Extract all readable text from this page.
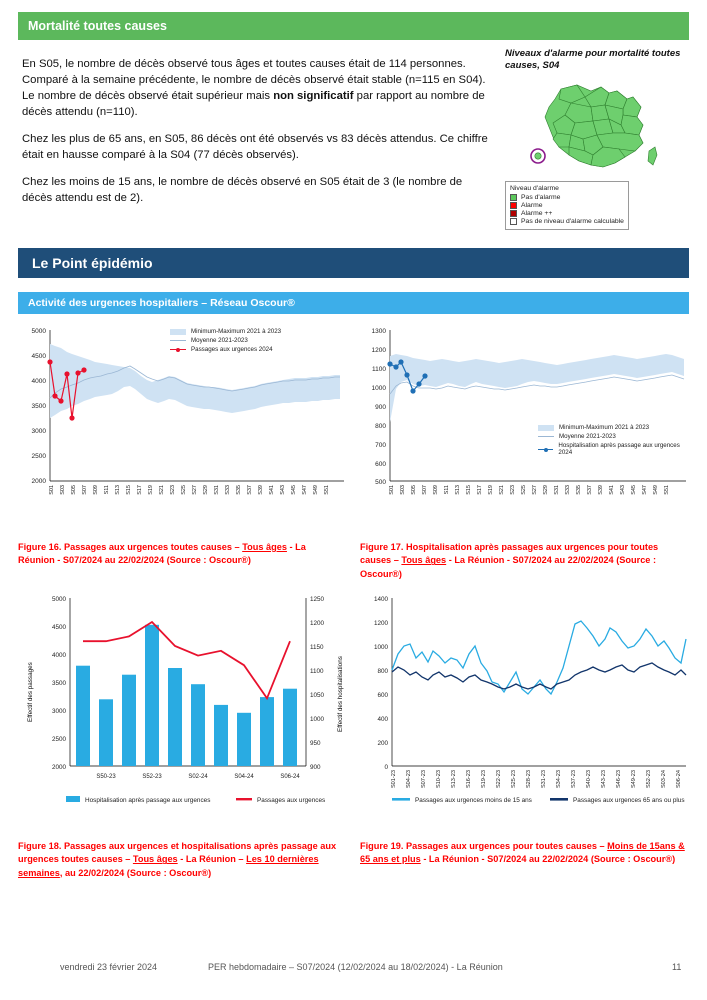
Mortalité toutes causes

En S05, le nombre de décès observé tous âges et toutes causes était de 114 personnes. Comparé à la semaine précédente, le nombre de décès observé était stable (n=115 en S04). Le nombre de décès observé était supérieur mais non significatif par rapport au nombre de décès attendu (n=110).

Chez les plus de 65 ans, en S05, 86 décès ont été observés vs 83 décès attendus. Ce chiffre était en hausse comparé à la S04 (77 décès observés).

Chez les moins de 15 ans, le nombre de décès observé en S05 était de 3 (le nombre de décès attendu est de 2).

Niveaux d'alarme pour mortalité toutes causes, S04
Niveau d'alarme
Pas d'alarme
Alarme
Alarme ++
Pas de niveau d'alarme calculable
Le Point épidémio
Activité des urgences hospitaliers – Réseau Oscour®
5000
4500
4000
3500
3000
2500
2000
S01 S03 S05 S07 S09 S11 S13 S15 S17 S19 S21 S23 S25 S27 S29 S31 S33 S35 S37 S39 S41 S43 S45 S47 S49 S51
Minimum-Maximum 2021 à 2023
Moyenne 2021-2023
Passages aux urgences 2024
1300
1200
1100
1000
900
800
700
600
500
S01 S03 S05 S07 S09 S11 S13 S15 S17 S19 S21 S23 S25 S27 S29 S31 S33 S35 S37 S39 S41 S43 S45 S47 S49 S51
Minimum-Maximum 2021 à 2023
Moyenne 2021-2023
Hospitalisation après passage aux urgences 2024
Figure 16. Passages aux urgences toutes causes – Tous âges - La Réunion - S07/2024 au 22/02/2024 (Source : Oscour®)
Figure 17. Hospitalisation après passages aux urgences pour toutes causes – Tous âges - La Réunion - S07/2024 au 22/02/2024 (Source : Oscour®)
5000
4500
4000
3500
3000
2500
2000
1250
1200
1150
1100
1050
1000
950
900
S50-23	S52-23	S02-24	S04-24	S06-24
Effectif des passages	Effectif des hospitalisations
Hospitalisation après passage aux urgences	Passages aux urgences
1400
1200
1000
800
600
400
200
0
S01-23 S04-23 S07-23 S10-23 S13-23 S16-23 S19-23 S22-23 S25-23 S28-23 S31-23 S34-23 S37-23 S40-23 S43-23 S46-23 S49-23 S52-23 S03-24 S06-24
Passages aux urgences moins de 15 ans	Passages aux urgences 65 ans ou plus
Figure 18. Passages aux urgences et hospitalisations après passage aux urgences toutes causes – Tous âges - La Réunion – Les 10 dernières semaines, au 22/02/2024 (Source : Oscour®)
Figure 19. Passages aux urgences pour toutes causes – Moins de 15ans & 65 ans et plus - La Réunion - S07/2024 au 22/02/2024 (Source : Oscour®)
vendredi 23 février 2024	PER hebdomadaire – S07/2024 (12/02/2024 au 18/02/2024) - La Réunion	11
